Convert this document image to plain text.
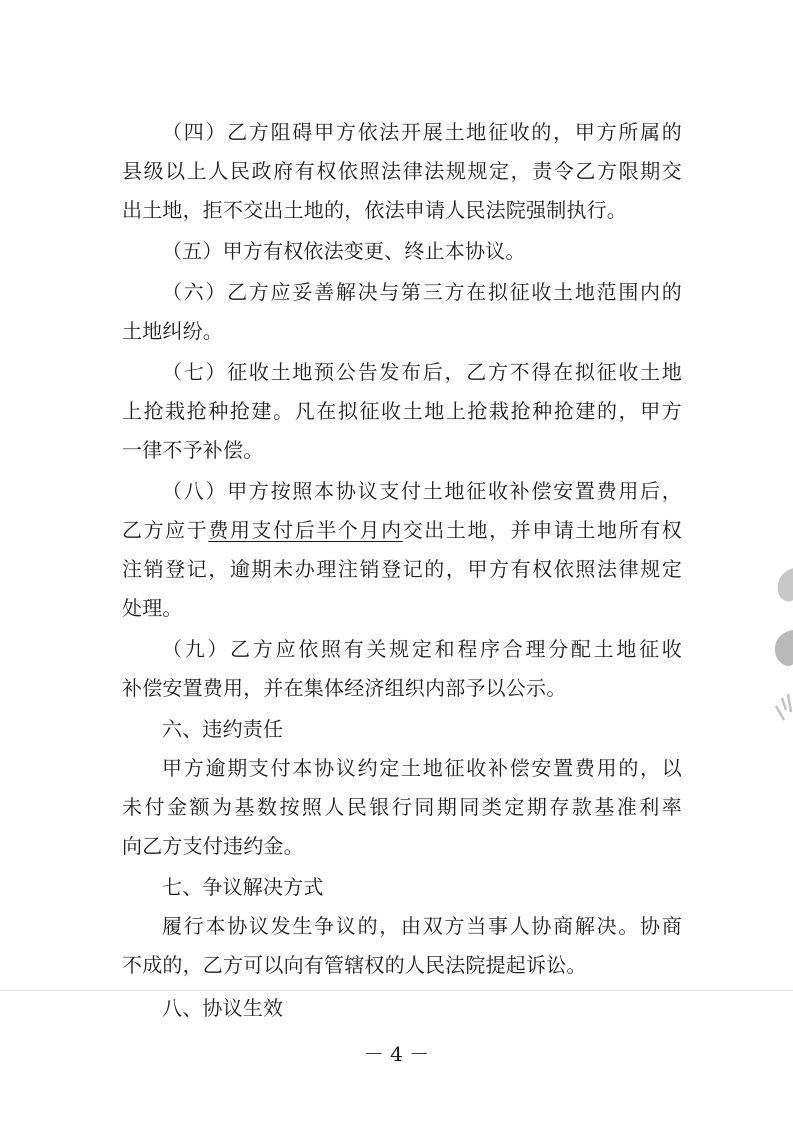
（四）乙方阻碍甲方依法开展土地征收的，甲方所属的
县级以上人民政府有权依照法律法规规定，责令乙方限期交
出土地，拒不交出土地的，依法申请人民法院强制执行。
（五）甲方有权依法变更、终止本协议。
（六）乙方应妥善解决与第三方在拟征收土地范围内的
土地纠纷。
（七）征收土地预公告发布后，乙方不得在拟征收土地
上抢栽抢种抢建。凡在拟征收土地上抢栽抢种抢建的，甲方
一律不予补偿。
（八）甲方按照本协议支付土地征收补偿安置费用后，
乙方应于费用支付后半个月内交出土地，并申请土地所有权
注销登记，逾期未办理注销登记的，甲方有权依照法律规定
处理。
（九）乙方应依照有关规定和程序合理分配土地征收
补偿安置费用，并在集体经济组织内部予以公示。
六、违约责任
甲方逾期支付本协议约定土地征收补偿安置费用的，以
未付金额为基数按照人民银行同期同类定期存款基准利率
向乙方支付违约金。
七、争议解决方式
履行本协议发生争议的，由双方当事人协商解决。协商
不成的，乙方可以向有管辖权的人民法院提起诉讼。
八、协议生效
－ 4 －
